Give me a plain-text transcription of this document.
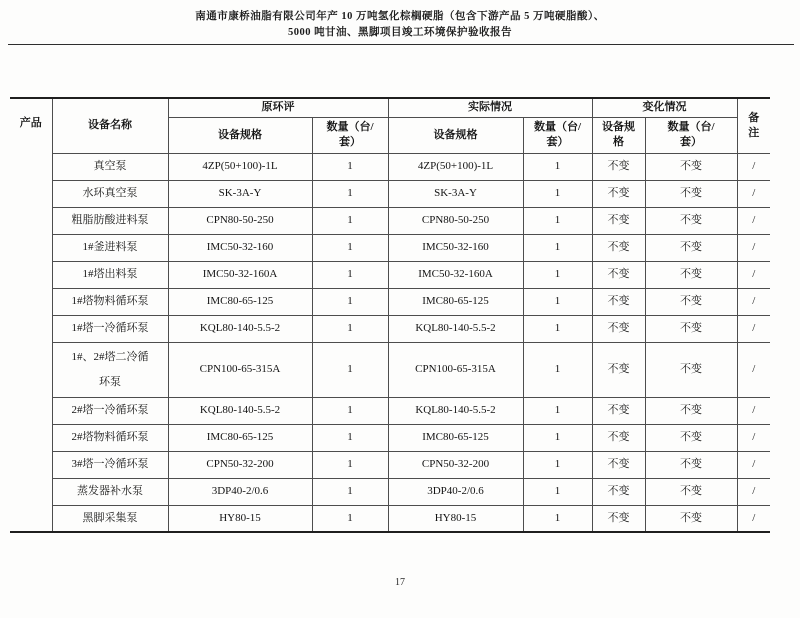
南通市康桥油脂有限公司年产 10 万吨氢化棕榈硬脂（包含下游产品 5 万吨硬脂酸）、
5000 吨甘油、黑脚项目竣工环境保护验收报告
产品	设备名称	原环评		实际情况		变化情况		备注
		设备规格	数量（台/套）	设备规格	数量（台/套）	设备规格	数量（台/套）	
	真空泵	4ZP(50+100)-1L	1	4ZP(50+100)-1L	1	不变	不变	/
	水环真空泵	SK-3A-Y	1	SK-3A-Y	1	不变	不变	/
	粗脂肪酸进料泵	CPN80-50-250	1	CPN80-50-250	1	不变	不变	/
	1#釜进料泵	IMC50-32-160	1	IMC50-32-160	1	不变	不变	/
	1#塔出料泵	IMC50-32-160A	1	IMC50-32-160A	1	不变	不变	/
	1#塔物料循环泵	IMC80-65-125	1	IMC80-65-125	1	不变	不变	/
	1#塔一冷循环泵	KQL80-140-5.5-2	1	KQL80-140-5.5-2	1	不变	不变	/
	1#、2#塔二冷循环泵	CPN100-65-315A	1	CPN100-65-315A	1	不变	不变	/
	2#塔一冷循环泵	KQL80-140-5.5-2	1	KQL80-140-5.5-2	1	不变	不变	/
	2#塔物料循环泵	IMC80-65-125	1	IMC80-65-125	1	不变	不变	/
	3#塔一冷循环泵	CPN50-32-200	1	CPN50-32-200	1	不变	不变	/
	蒸发器补水泵	3DP40-2/0.6	1	3DP40-2/0.6	1	不变	不变	/
	黑脚采集泵	HY80-15	1	HY80-15	1	不变	不变	/
17
